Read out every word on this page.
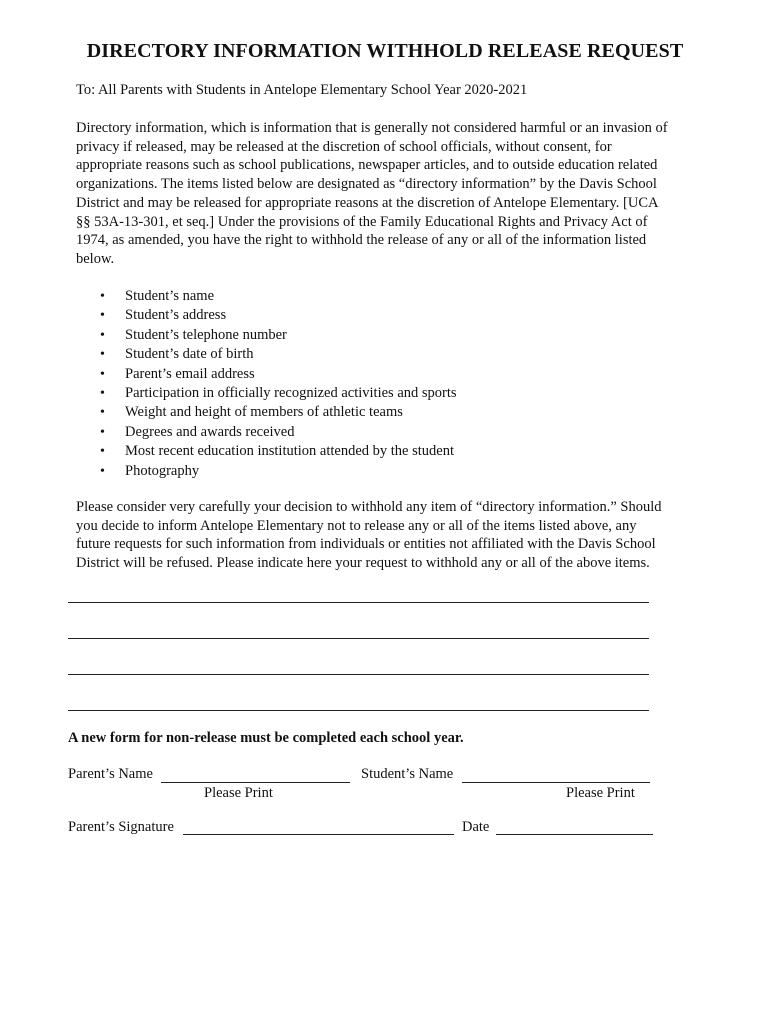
DIRECTORY INFORMATION WITHHOLD RELEASE REQUEST
To: All Parents with Students in Antelope Elementary School Year 2020-2021
Directory information, which is information that is generally not considered harmful or an invasion of
privacy if released, may be released at the discretion of school officials, without consent, for
appropriate reasons such as school publications, newspaper articles, and to outside education related
organizations. The items listed below are designated as “directory information” by the Davis School
District and may be released for appropriate reasons at the discretion of Antelope Elementary. [UCA
§§ 53A-13-301, et seq.] Under the provisions of the Family Educational Rights and Privacy Act of
1974, as amended, you have the right to withhold the release of any or all of the information listed
below.
• Student’s name
• Student’s address
• Student’s telephone number
• Student’s date of birth
• Parent’s email address
• Participation in officially recognized activities and sports
• Weight and height of members of athletic teams
• Degrees and awards received
• Most recent education institution attended by the student
• Photography
Please consider very carefully your decision to withhold any item of “directory information.” Should
you decide to inform Antelope Elementary not to release any or all of the items listed above, any
future requests for such information from individuals or entities not affiliated with the Davis School
District will be refused. Please indicate here your request to withhold any or all of the above items.
A new form for non-release must be completed each school year.
Parent’s Name	Student’s Name
Please Print	Please Print
Parent’s Signature	Date
